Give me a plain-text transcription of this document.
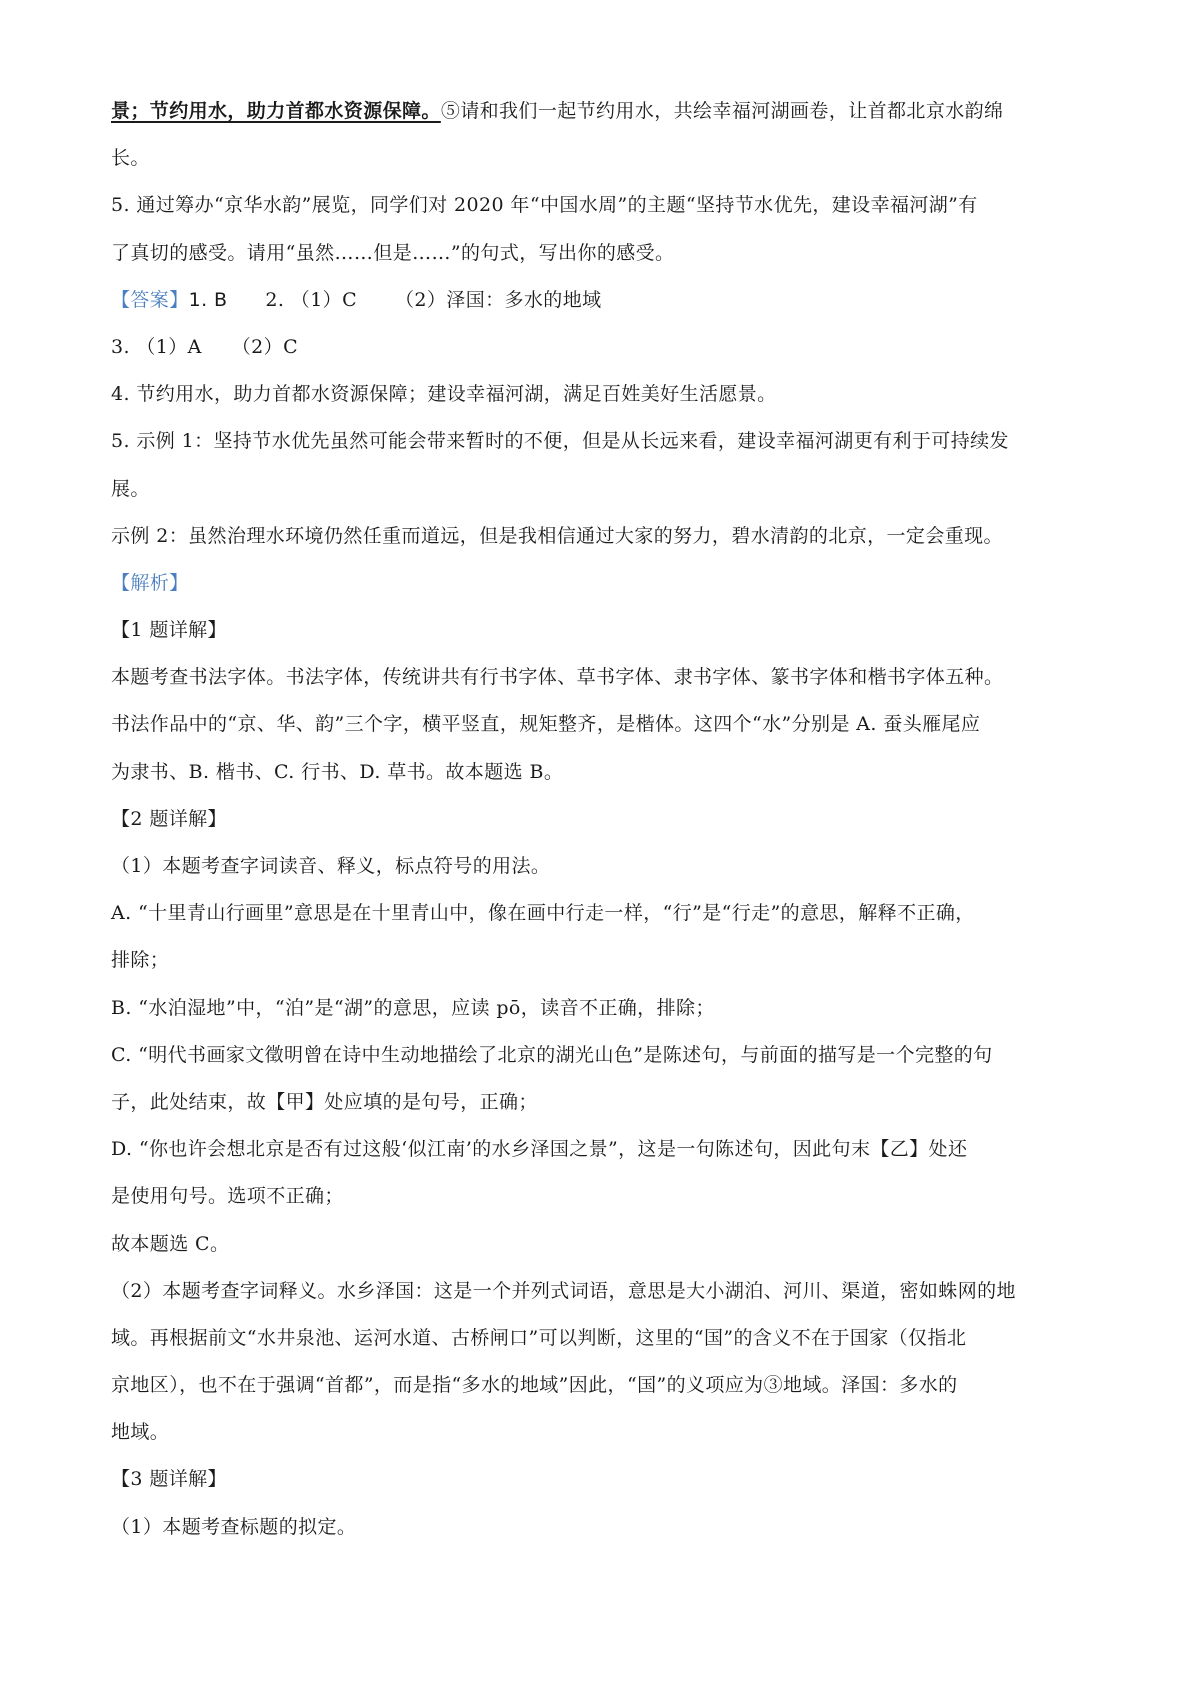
景；节约用水，助力首都水资源保障。⑤请和我们一起节约用水，共绘幸福河湖画卷，让首都北京水韵绵
长。
5. 通过筹办“京华水韵”展览，同学们对 2020 年“中国水周”的主题“坚持节水优先，建设幸福河湖”有
了真切的感受。请用“虽然……但是……”的句式，写出你的感受。
【答案】1. B 2. （1）C （2）泽国：多水的地域
3. （1）A （2）C
4. 节约用水，助力首都水资源保障；建设幸福河湖，满足百姓美好生活愿景。
5. 示例 1：坚持节水优先虽然可能会带来暂时的不便，但是从长远来看，建设幸福河湖更有利于可持续发
展。
示例 2：虽然治理水环境仍然任重而道远，但是我相信通过大家的努力，碧水清韵的北京，一定会重现。
【解析】
【1 题详解】
本题考查书法字体。书法字体，传统讲共有行书字体、草书字体、隶书字体、篆书字体和楷书字体五种。
书法作品中的“京、华、韵”三个字，横平竖直，规矩整齐，是楷体。这四个“水”分别是 A. 蚕头雁尾应
为隶书、B. 楷书、C. 行书、D. 草书。故本题选 B。
【2 题详解】
（1）本题考查字词读音、释义，标点符号的用法。
A. “十里青山行画里”意思是在十里青山中，像在画中行走一样，“行”是“行走”的意思，解释不正确，
排除；
B. “水泊湿地”中，“泊”是“湖”的意思，应读 pō，读音不正确，排除；
C. “明代书画家文徵明曾在诗中生动地描绘了北京的湖光山色”是陈述句，与前面的描写是一个完整的句
子，此处结束，故【甲】处应填的是句号，正确；
D. “你也许会想北京是否有过这般‘似江南’的水乡泽国之景”，这是一句陈述句，因此句末【乙】处还
是使用句号。选项不正确；
故本题选 C。
（2）本题考查字词释义。水乡泽国：这是一个并列式词语，意思是大小湖泊、河川、渠道，密如蛛网的地
域。再根据前文“水井泉池、运河水道、古桥闸口”可以判断，这里的“国”的含义不在于国家（仅指北
京地区），也不在于强调“首都”，而是指“多水的地域”因此，“国”的义项应为③地域。泽国：多水的
地域。
【3 题详解】
（1）本题考查标题的拟定。
